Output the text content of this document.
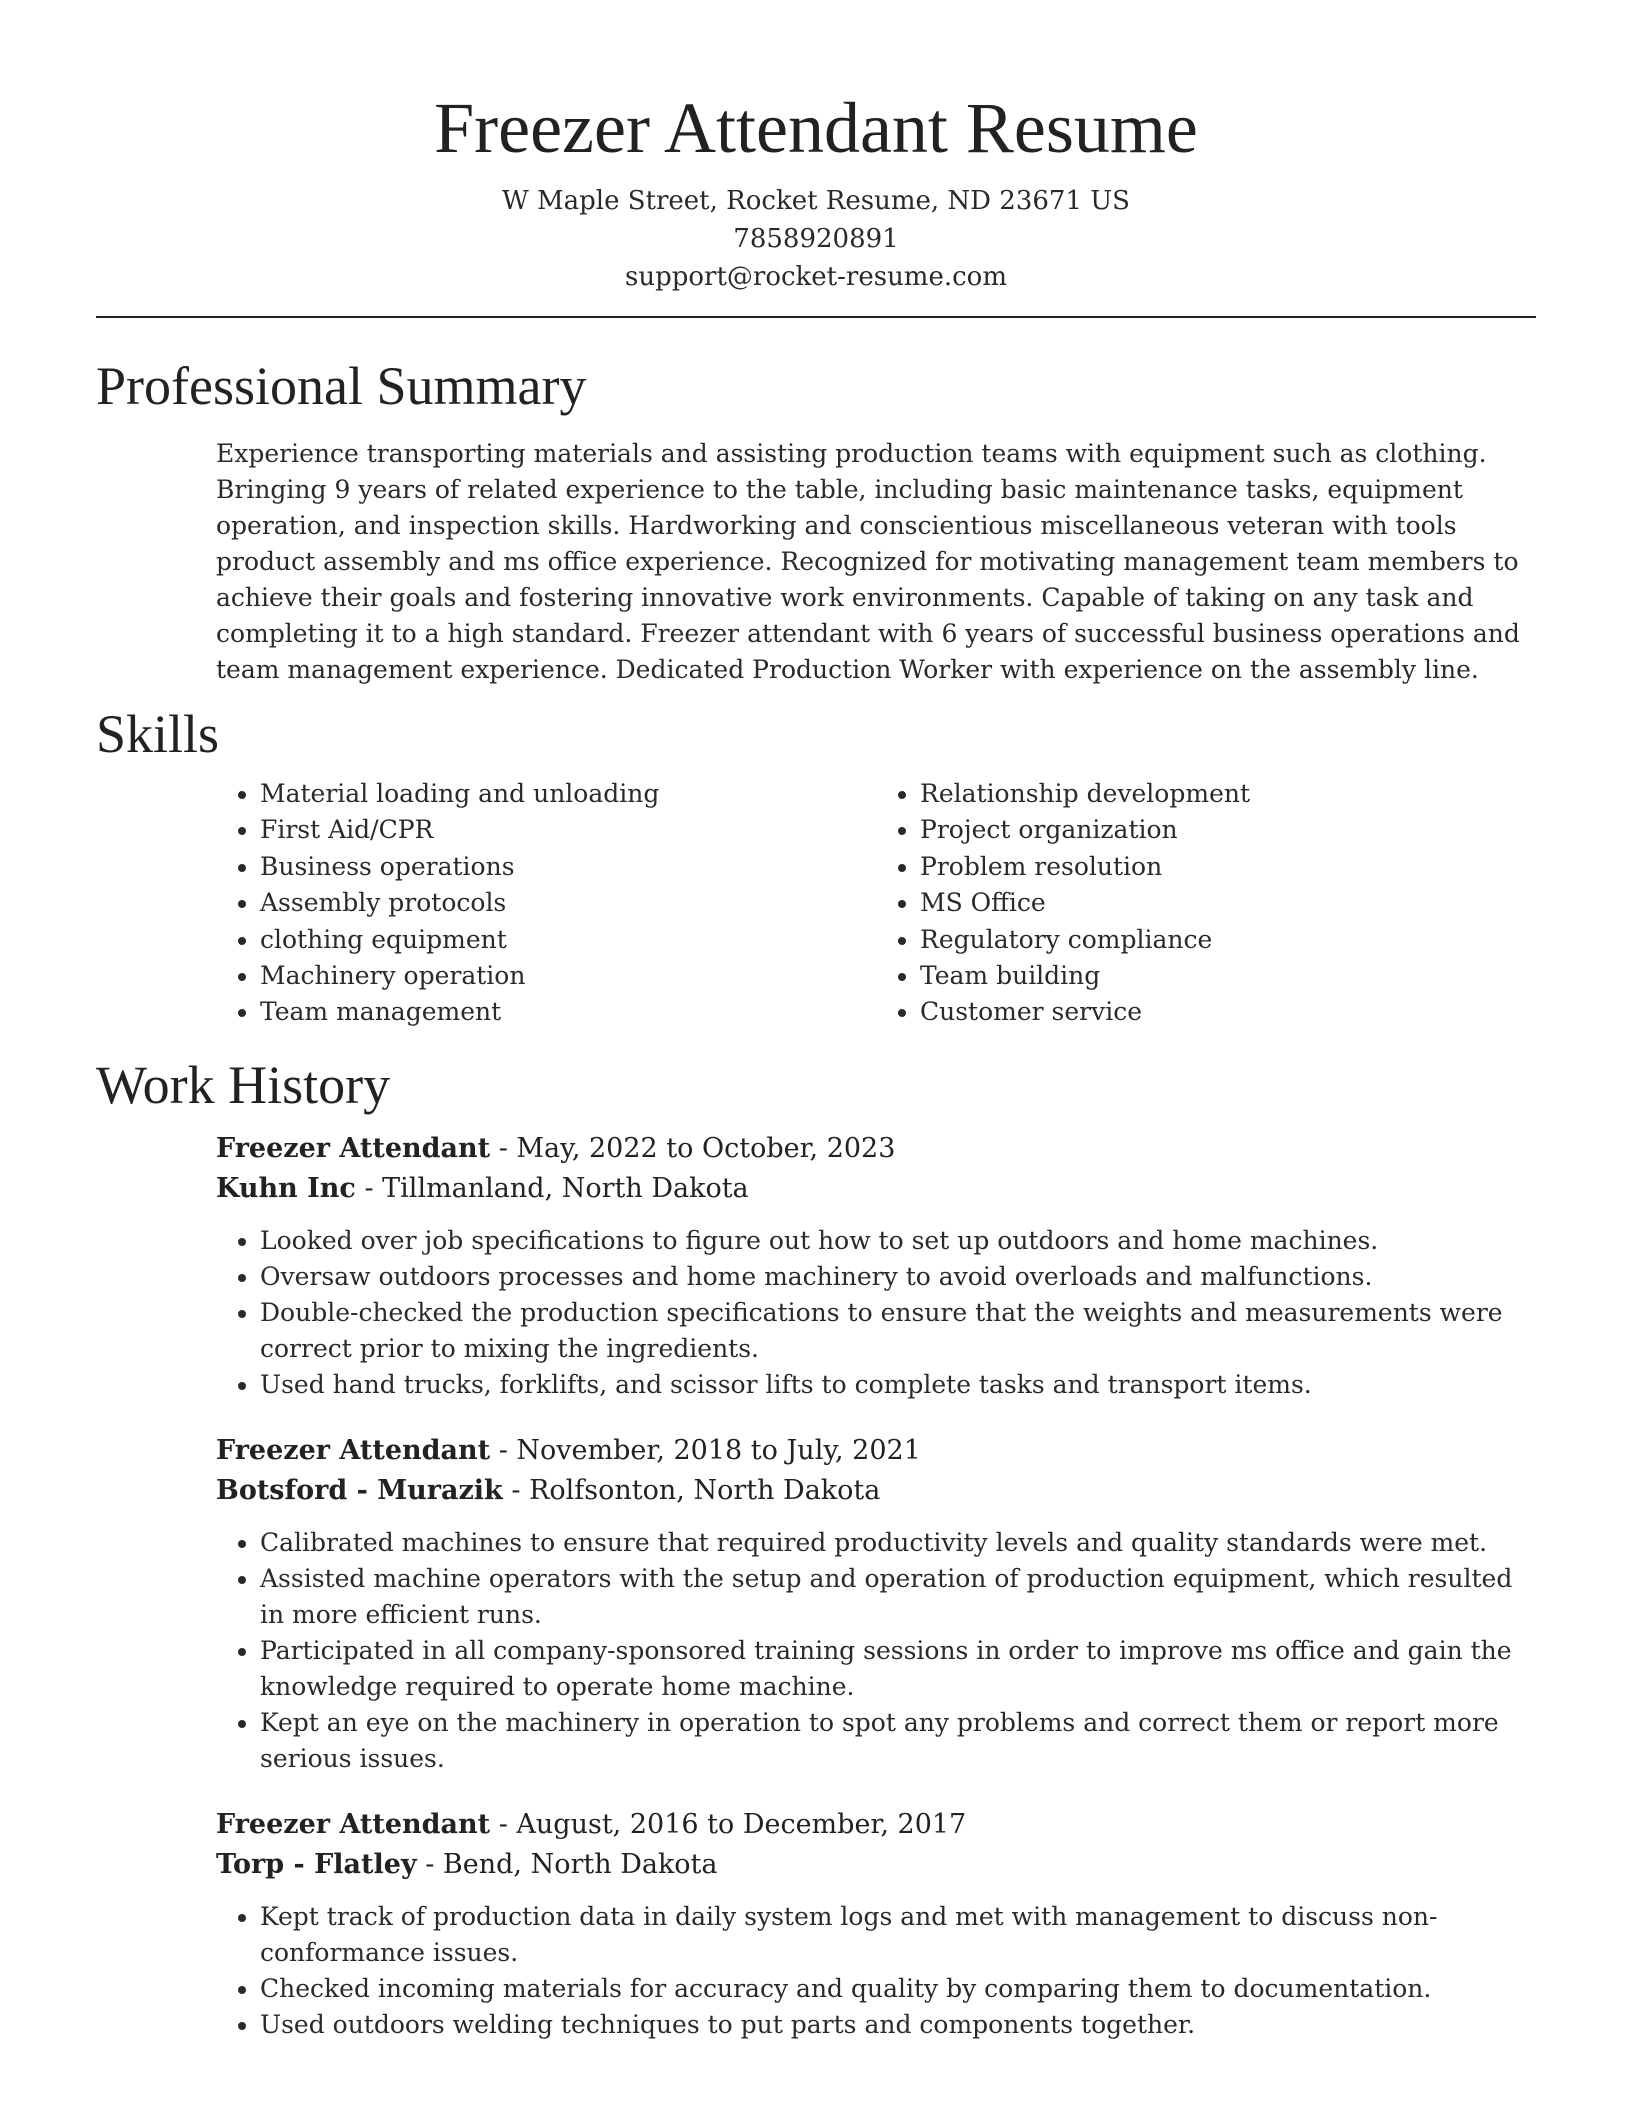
Freezer Attendant Resume
W Maple Street, Rocket Resume, ND 23671 US
7858920891
support@rocket-resume.com
Professional Summary

Experience transporting materials and assisting production teams with equipment such as clothing. Bringing 9 years of related experience to the table, including basic maintenance tasks, equipment operation, and inspection skills. Hardworking and conscientious miscellaneous veteran with tools product assembly and ms office experience. Recognized for motivating management team members to achieve their goals and fostering innovative work environments. Capable of taking on any task and completing it to a high standard. Freezer attendant with 6 years of successful business operations and team management experience. Dedicated Production Worker with experience on the assembly line.

Skills
• Material loading and unloading
• First Aid/CPR
• Business operations
• Assembly protocols
• clothing equipment
• Machinery operation
• Team management
• Relationship development
• Project organization
• Problem resolution
• MS Office
• Regulatory compliance
• Team building
• Customer service
Work History
Freezer Attendant - May, 2022 to October, 2023
Kuhn Inc - Tillmanland, North Dakota
• Looked over job specifications to figure out how to set up outdoors and home machines.
• Oversaw outdoors processes and home machinery to avoid overloads and malfunctions.
• Double-checked the production specifications to ensure that the weights and measurements were correct prior to mixing the ingredients.
• Used hand trucks, forklifts, and scissor lifts to complete tasks and transport items.
Freezer Attendant - November, 2018 to July, 2021
Botsford - Murazik - Rolfsonton, North Dakota
• Calibrated machines to ensure that required productivity levels and quality standards were met.
• Assisted machine operators with the setup and operation of production equipment, which resulted in more efficient runs.
• Participated in all company-sponsored training sessions in order to improve ms office and gain the knowledge required to operate home machine.
• Kept an eye on the machinery in operation to spot any problems and correct them or report more serious issues.
Freezer Attendant - August, 2016 to December, 2017
Torp - Flatley - Bend, North Dakota
• Kept track of production data in daily system logs and met with management to discuss non-conformance issues.
• Checked incoming materials for accuracy and quality by comparing them to documentation.
• Used outdoors welding techniques to put parts and components together.
